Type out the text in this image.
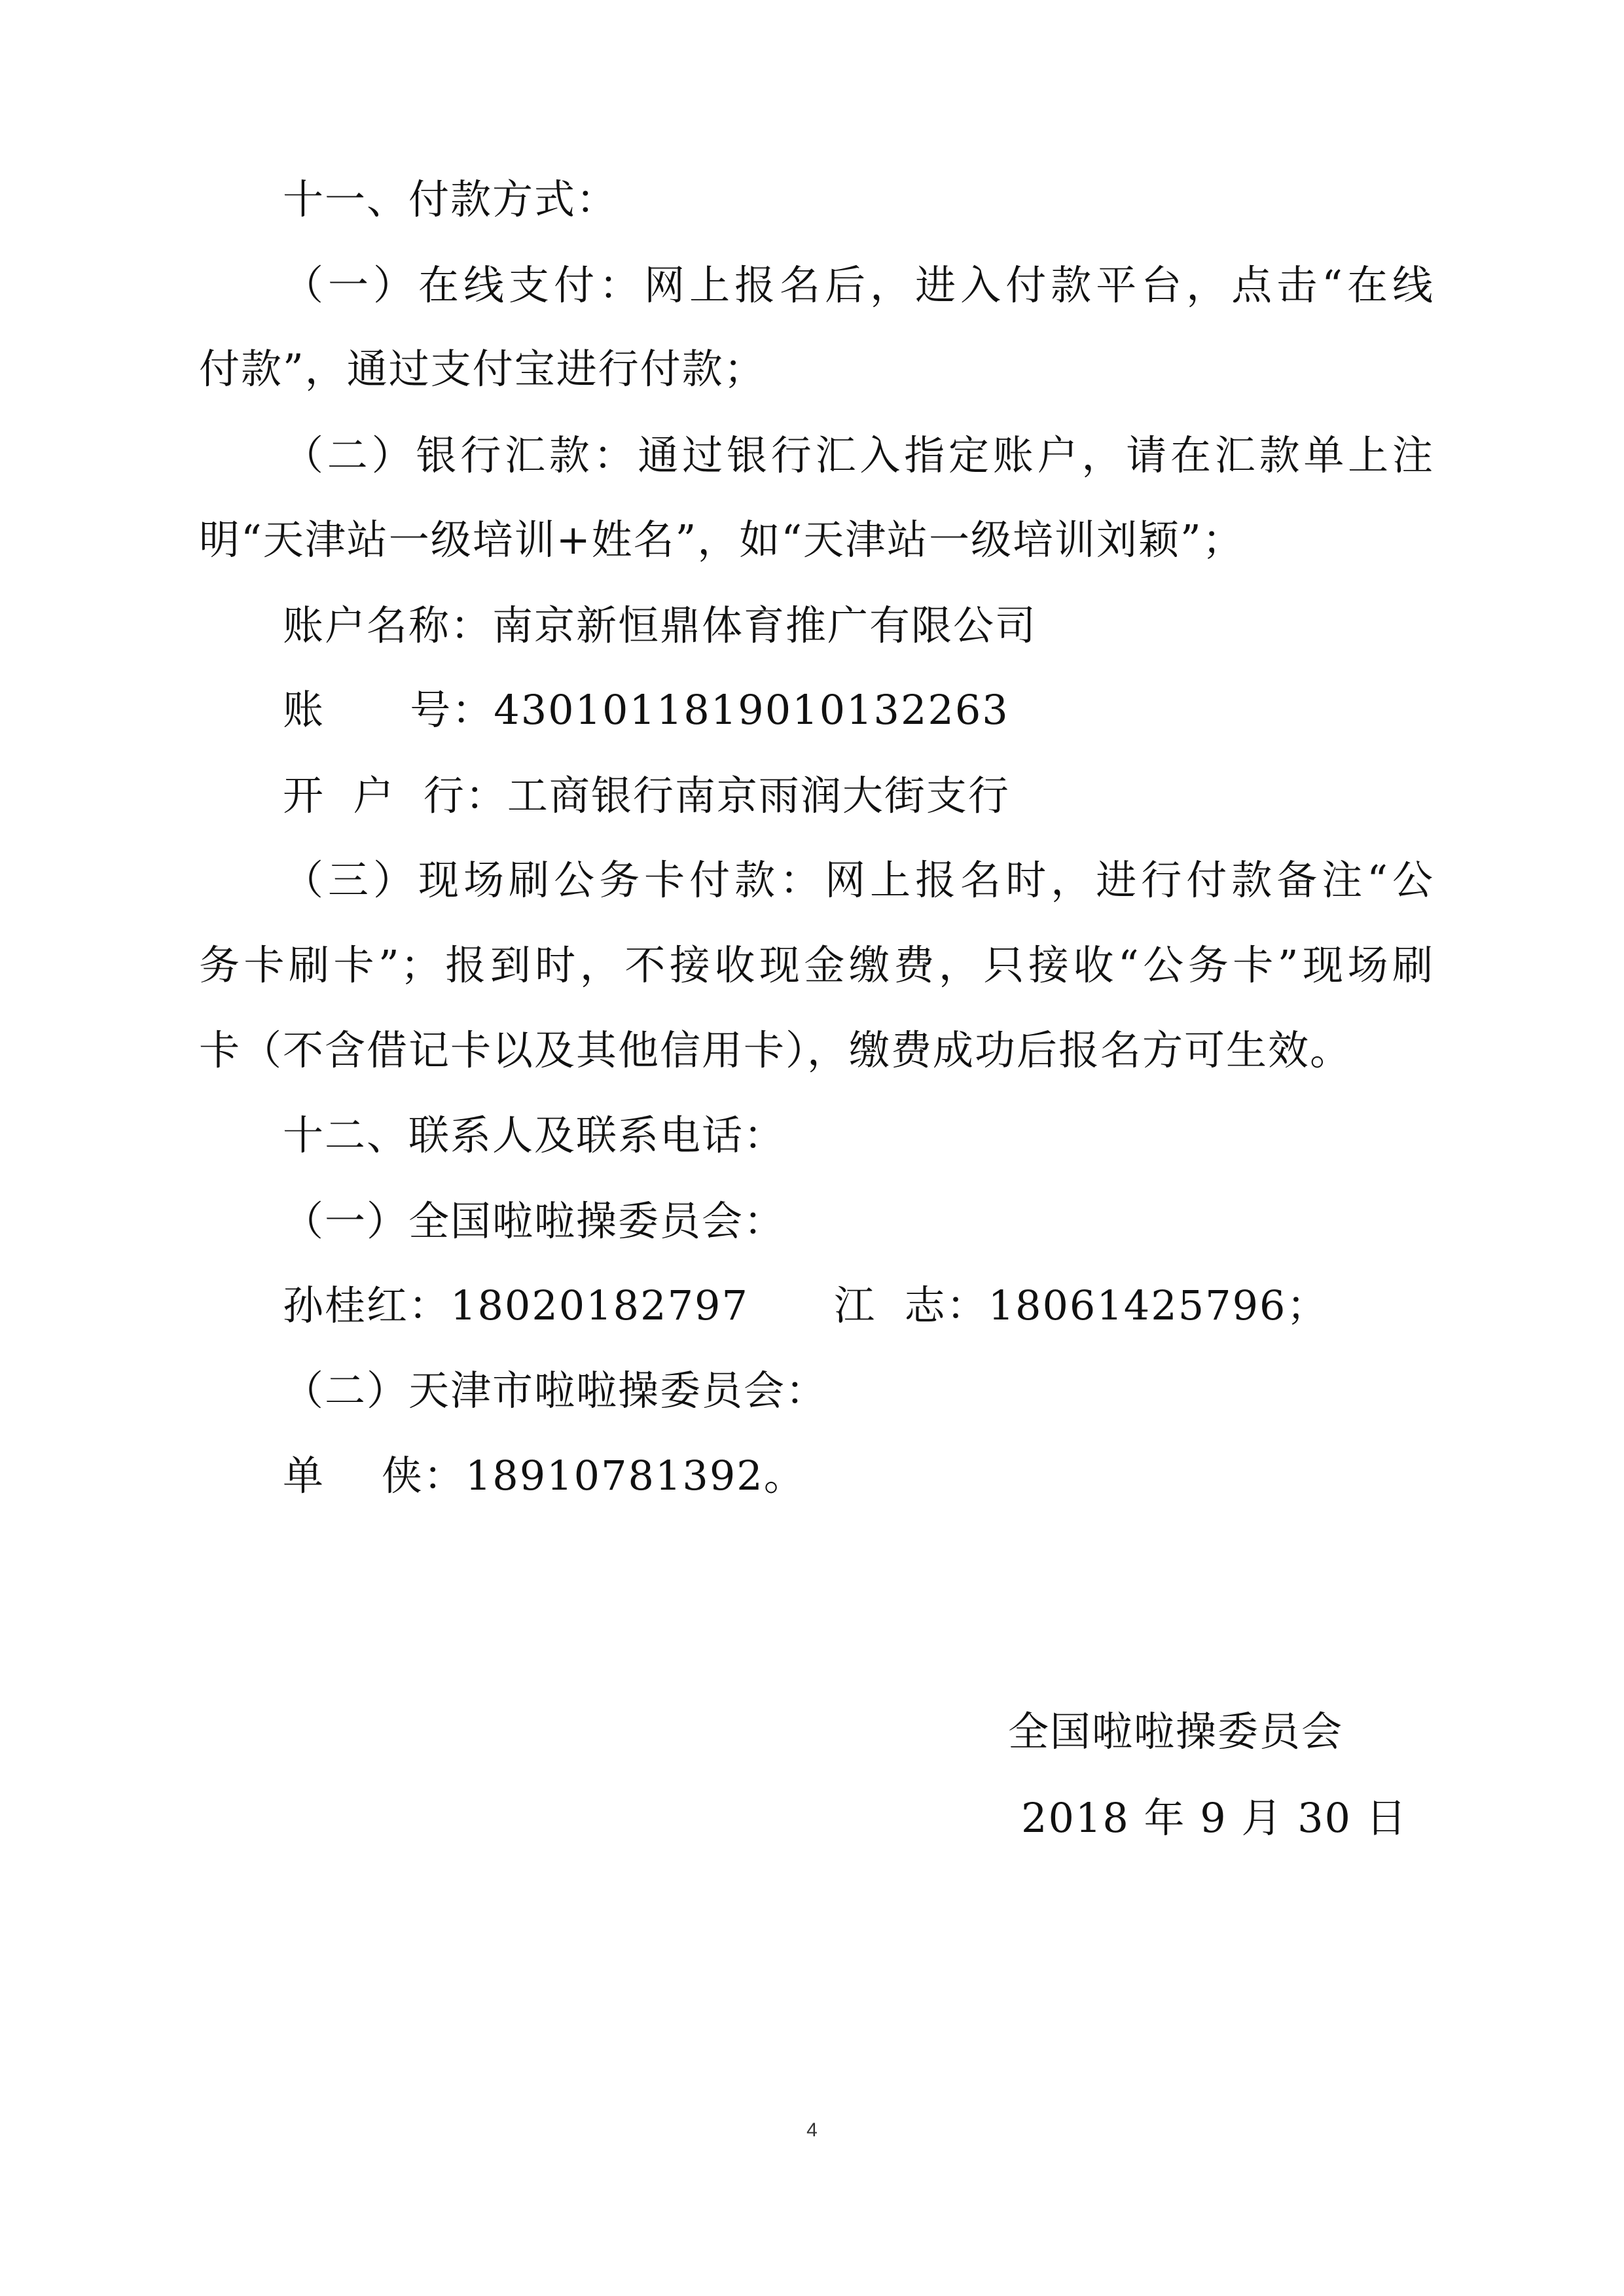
十一、付款方式：
（一）在线支付：网上报名后，进入付款平台，点击“在线
付款”，通过支付宝进行付款；
（二）银行汇款：通过银行汇入指定账户，请在汇款单上注
明“天津站一级培训+姓名”，如“天津站一级培训刘颖”；
账户名称：南京新恒鼎体育推广有限公司
账      号：4301011819010132263
开  户  行：工商银行南京雨润大街支行
（三）现场刷公务卡付款：网上报名时，进行付款备注“公
务卡刷卡”；报到时，不接收现金缴费，只接收“公务卡”现场刷
卡（不含借记卡以及其他信用卡），缴费成功后报名方可生效。
十二、联系人及联系电话：
（一）全国啦啦操委员会：
孙桂红：18020182797      江  志：18061425796；
（二）天津市啦啦操委员会：
单    侠：18910781392。
全国啦啦操委员会
2018 年 9 月 30 日
4
